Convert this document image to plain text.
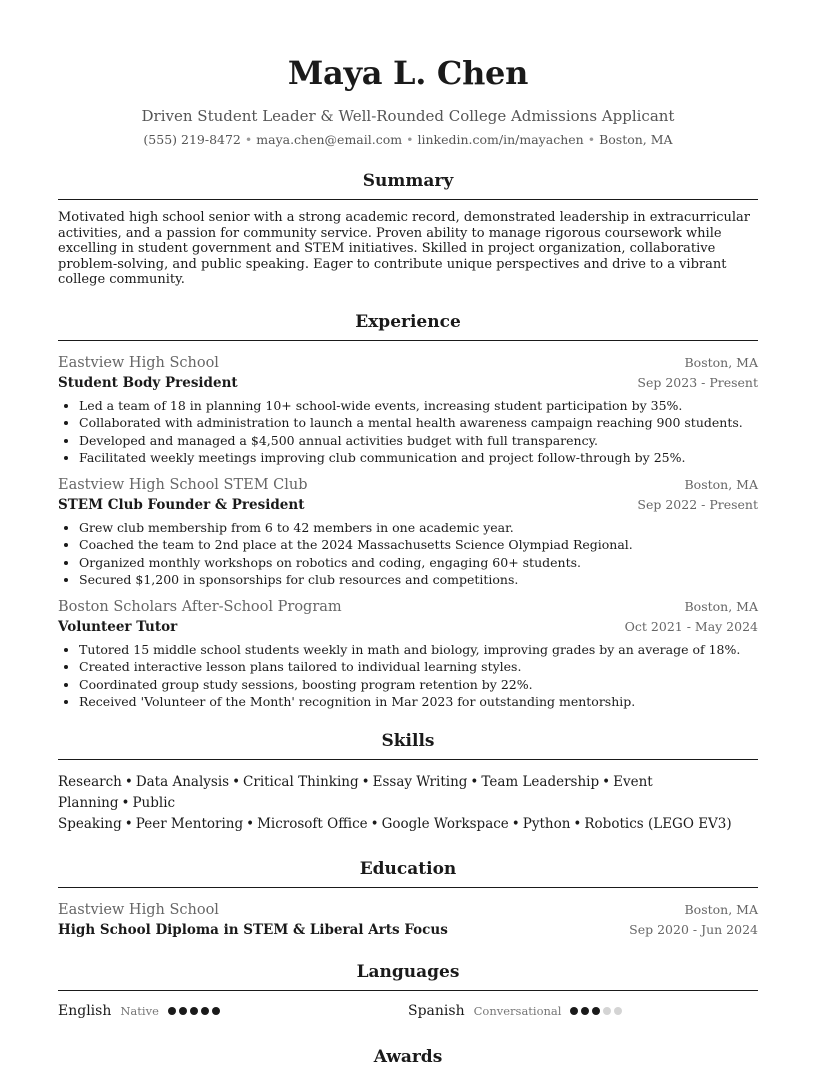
Maya L. Chen
Driven Student Leader & Well-Rounded College Admissions Applicant
(555) 219-8472 • maya.chen@email.com • linkedin.com/in/mayachen • Boston, MA
Summary

Motivated high school senior with a strong academic record, demonstrated leadership in extracurricular activities, and a passion for community service. Proven ability to manage rigorous coursework while excelling in student government and STEM initiatives. Skilled in project organization, collaborative problem-solving, and public speaking. Eager to contribute unique perspectives and drive to a vibrant college community.

Experience
Eastview High School	Boston, MA
Student Body President	Sep 2023 - Present
• Led a team of 18 in planning 10+ school-wide events, increasing student participation by 35%.
• Collaborated with administration to launch a mental health awareness campaign reaching 900 students.
• Developed and managed a $4,500 annual activities budget with full transparency.
• Facilitated weekly meetings improving club communication and project follow-through by 25%.
Eastview High School STEM Club	Boston, MA
STEM Club Founder & President	Sep 2022 - Present
• Grew club membership from 6 to 42 members in one academic year.
• Coached the team to 2nd place at the 2024 Massachusetts Science Olympiad Regional.
• Organized monthly workshops on robotics and coding, engaging 60+ students.
• Secured $1,200 in sponsorships for club resources and competitions.
Boston Scholars After-School Program	Boston, MA
Volunteer Tutor	Oct 2021 - May 2024
• Tutored 15 middle school students weekly in math and biology, improving grades by an average of 18%.
• Created interactive lesson plans tailored to individual learning styles.
• Coordinated group study sessions, boosting program retention by 22%.
• Received 'Volunteer of the Month' recognition in Mar 2023 for outstanding mentorship.
Skills
Research • Data Analysis • Critical Thinking • Essay Writing • Team Leadership • Event Planning • Public
Speaking • Peer Mentoring • Microsoft Office • Google Workspace • Python • Robotics (LEGO EV3)
Education
Eastview High School	Boston, MA
High School Diploma in STEM & Liberal Arts Focus	Sep 2020 - Jun 2024
Languages
English Native	Spanish Conversational
Awards
